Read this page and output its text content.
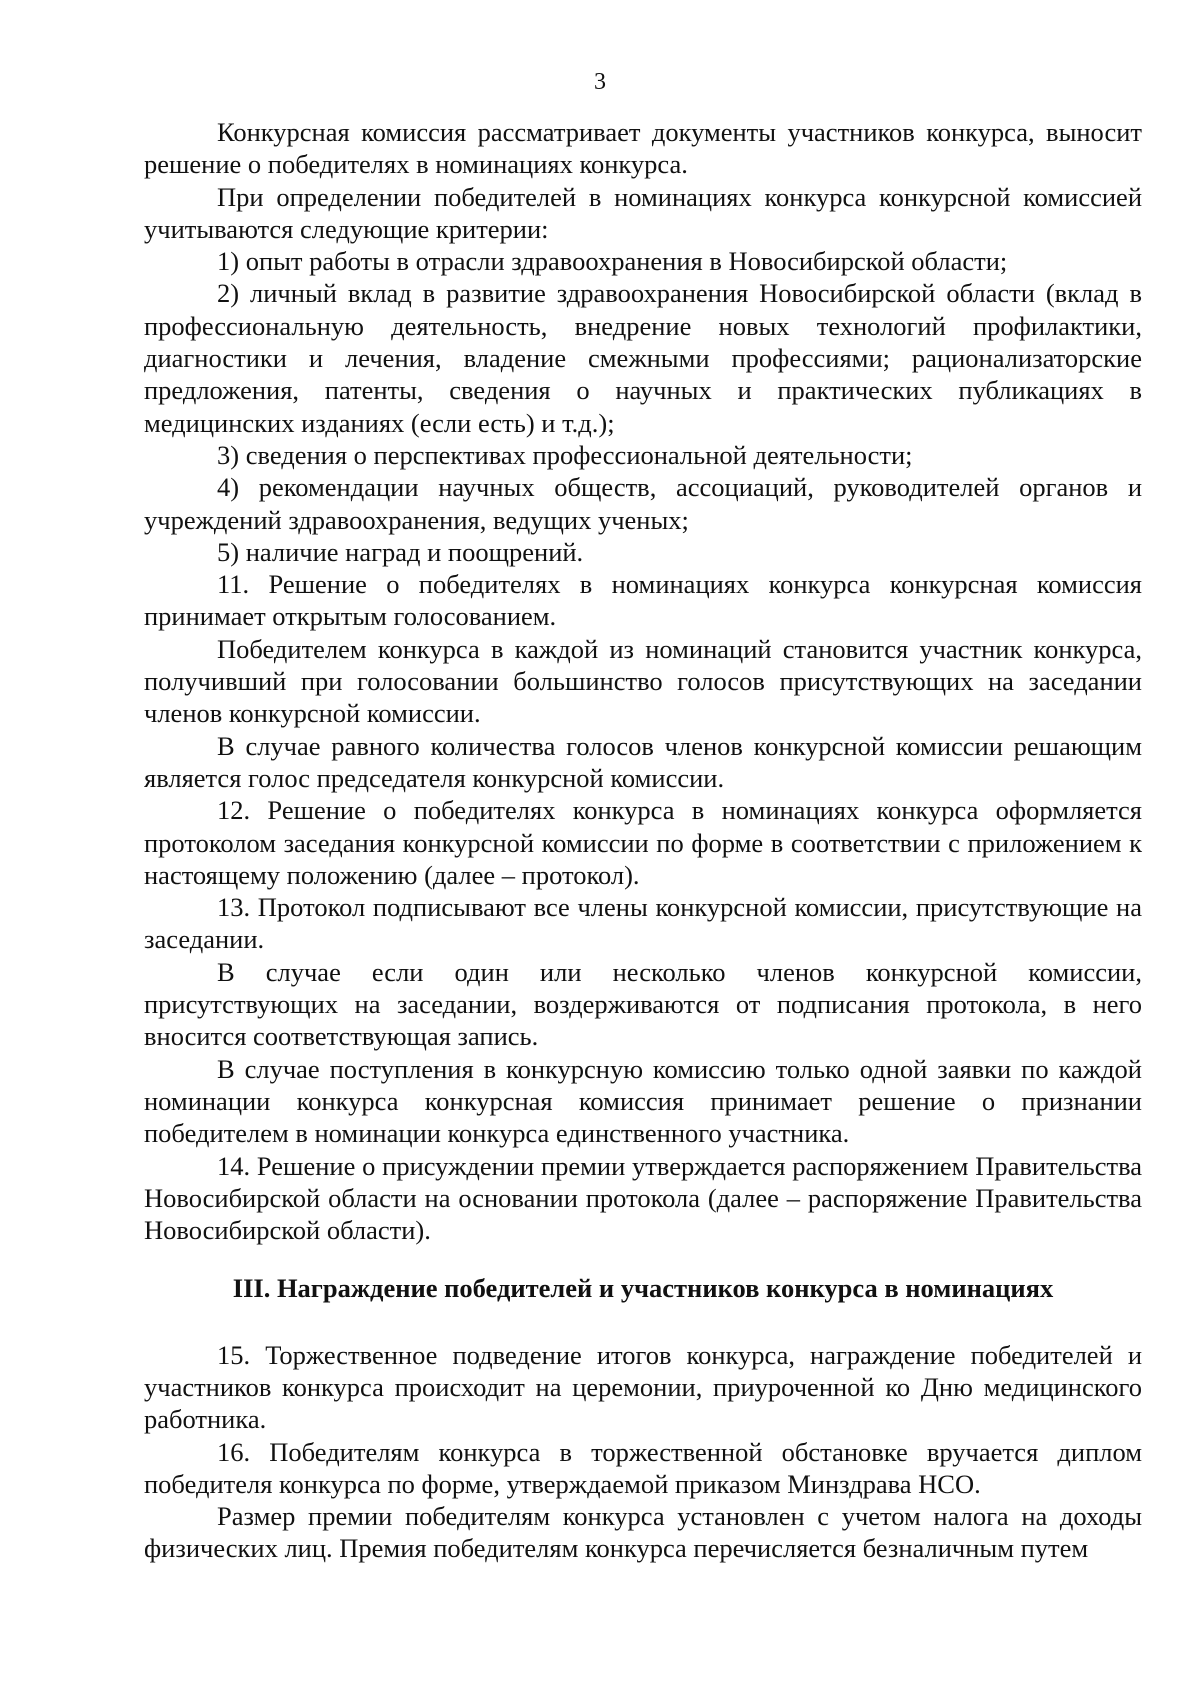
3

Конкурсная комиссия рассматривает документы участников конкурса, выносит решение о победителях в номинациях конкурса.

При определении победителей в номинациях конкурса конкурсной комиссией учитываются следующие критерии:

1) опыт работы в отрасли здравоохранения в Новосибирской области;

2) личный вклад в развитие здравоохранения Новосибирской области (вклад в профессиональную деятельность, внедрение новых технологий профилактики, диагностики и лечения, владение смежными профессиями; рационализаторские предложения, патенты, сведения о научных и практических публикациях в медицинских изданиях (если есть) и т.д.);

3) сведения о перспективах профессиональной деятельности;

4) рекомендации научных обществ, ассоциаций, руководителей органов и учреждений здравоохранения, ведущих ученых;

5) наличие наград и поощрений.

11. Решение о победителях в номинациях конкурса конкурсная комиссия принимает открытым голосованием.

Победителем конкурса в каждой из номинаций становится участник конкурса, получивший при голосовании большинство голосов присутствующих на заседании членов конкурсной комиссии.

В случае равного количества голосов членов конкурсной комиссии решающим является голос председателя конкурсной комиссии.

12. Решение о победителях конкурса в номинациях конкурса оформляется протоколом заседания конкурсной комиссии по форме в соответствии с приложением к настоящему положению (далее – протокол).

13. Протокол подписывают все члены конкурсной комиссии, присутствующие на заседании.

В случае если один или несколько членов конкурсной комиссии, присутствующих на заседании, воздерживаются от подписания протокола, в него вносится соответствующая запись.

В случае поступления в конкурсную комиссию только одной заявки по каждой номинации конкурса конкурсная комиссия принимает решение о признании победителем в номинации конкурса единственного участника.

14. Решение о присуждении премии утверждается распоряжением Правительства Новосибирской области на основании протокола (далее – распоряжение Правительства Новосибирской области).

III. Награждение победителей и участников конкурса в номинациях

15. Торжественное подведение итогов конкурса, награждение победителей и участников конкурса происходит на церемонии, приуроченной ко Дню медицинского работника.

16. Победителям конкурса в торжественной обстановке вручается диплом победителя конкурса по форме, утверждаемой приказом Минздрава НСО.

Размер премии победителям конкурса установлен с учетом налога на доходы физических лиц. Премия победителям конкурса перечисляется безналичным путем
